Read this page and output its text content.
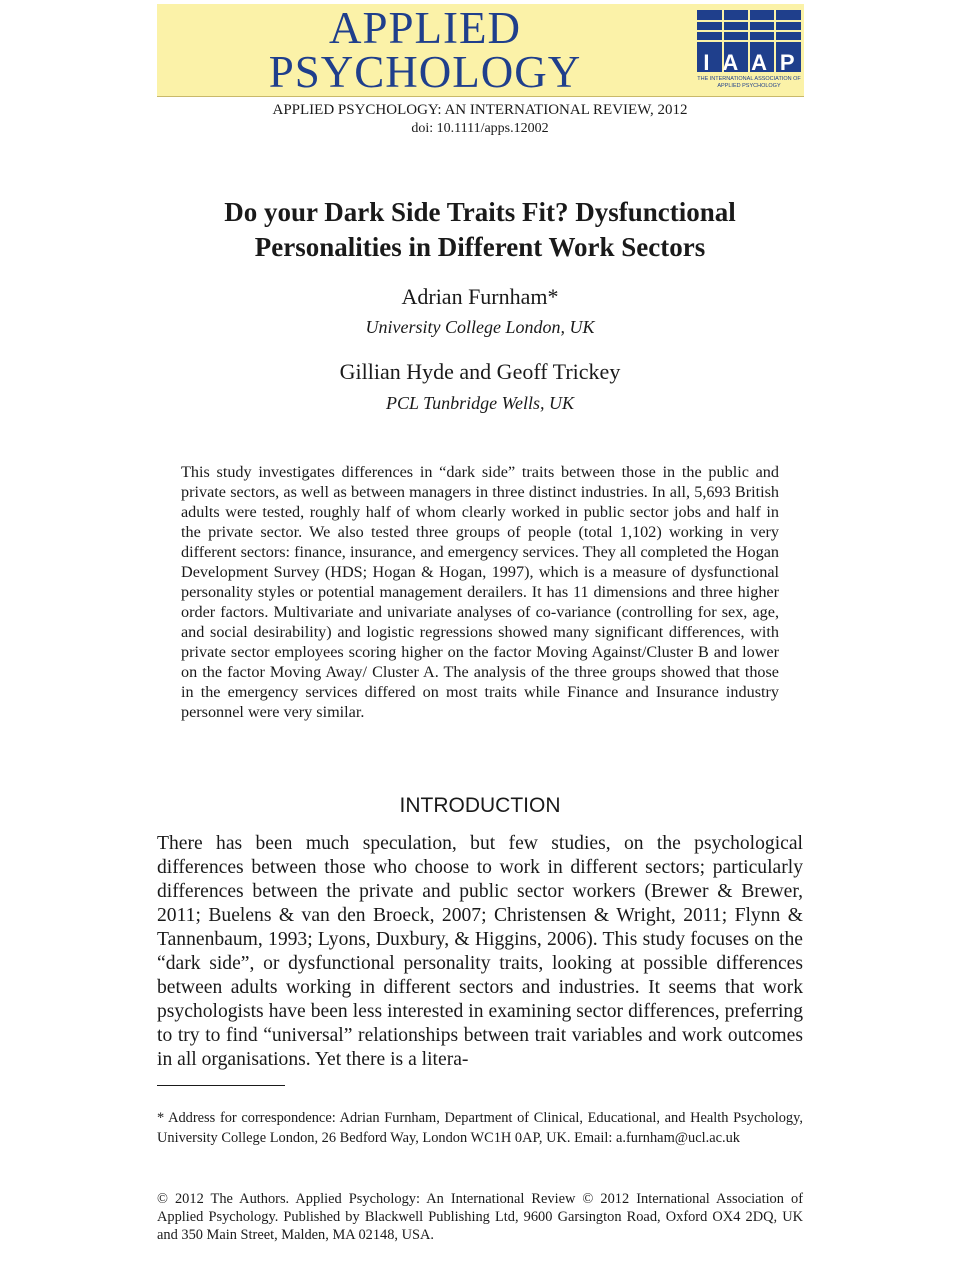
APPLIED PSYCHOLOGY	I A A P
THE INTERNATIONAL ASSOCIATION OF APPLIED PSYCHOLOGY
APPLIED PSYCHOLOGY: AN INTERNATIONAL REVIEW, 2012
doi: 10.1111/apps.12002
Do your Dark Side Traits Fit? Dysfunctional Personalities in Different Work Sectors
Adrian Furnham*
University College London, UK
Gillian Hyde and Geoff Trickey
PCL Tunbridge Wells, UK

This study investigates differences in “dark side” traits between those in the public and private sectors, as well as between managers in three distinct industries. In all, 5,693 British adults were tested, roughly half of whom clearly worked in public sector jobs and half in the private sector. We also tested three groups of people (total 1,102) working in very different sectors: finance, insurance, and emergency services. They all completed the Hogan Development Survey (HDS; Hogan & Hogan, 1997), which is a measure of dysfunctional personality styles or potential management derailers. It has 11 dimensions and three higher order factors. Multivariate and univariate analyses of co-variance (controlling for sex, age, and social desirability) and logistic regressions showed many significant differences, with private sector employees scoring higher on the factor Moving Against/Cluster B and lower on the factor Moving Away/ Cluster A. The analysis of the three groups showed that those in the emergency services differed on most traits while Finance and Insurance industry personnel were very similar.

INTRODUCTION

There has been much speculation, but few studies, on the psychological differences between those who choose to work in different sectors; particularly differences between the private and public sector workers (Brewer & Brewer, 2011; Buelens & van den Broeck, 2007; Christensen & Wright, 2011; Flynn & Tannenbaum, 1993; Lyons, Duxbury, & Higgins, 2006). This study focuses on the “dark side”, or dysfunctional personality traits, looking at possible differences between adults working in different sectors and industries. It seems that work psychologists have been less interested in examining sector differences, preferring to try to find “universal” relationships between trait variables and work outcomes in all organisations. Yet there is a litera-

* Address for correspondence: Adrian Furnham, Department of Clinical, Educational, and Health Psychology, University College London, 26 Bedford Way, London WC1H 0AP, UK. Email: a.furnham@ucl.ac.uk

© 2012 The Authors. Applied Psychology: An International Review © 2012 International Association of Applied Psychology. Published by Blackwell Publishing Ltd, 9600 Garsington Road, Oxford OX4 2DQ, UK and 350 Main Street, Malden, MA 02148, USA.
